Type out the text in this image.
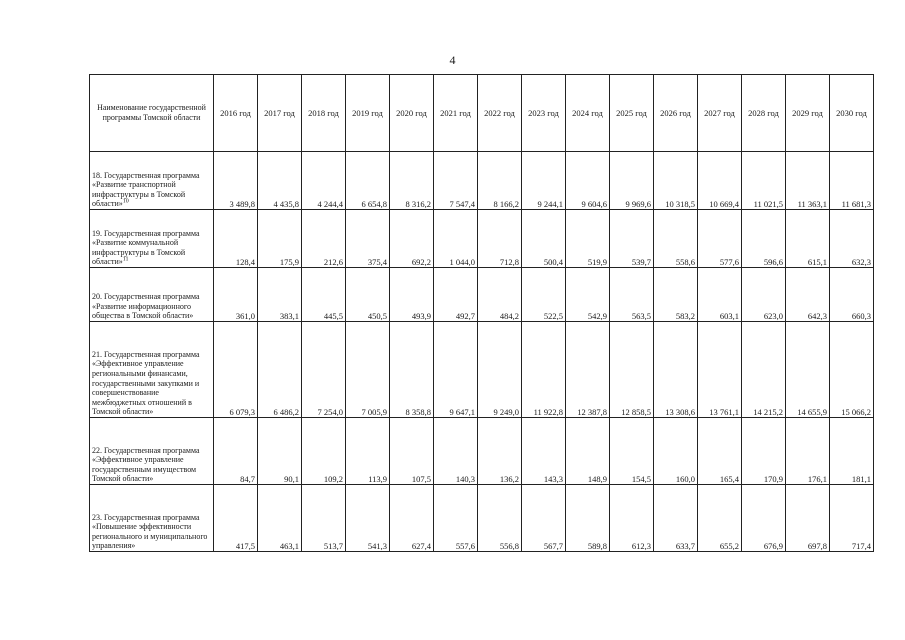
4
Наименование государственной программы Томской области	2016 год	2017 год	2018 год	2019 год	2020 год	2021 год	2022 год	2023 год	2024 год	2025 год	2026 год	2027 год	2028 год	2029 год	2030 год
18. Государственная программа «Развитие транспортной инфраструктуры в Томской области»$^{10}$	3 489,8	4 435,8	4 244,4	6 654,8	8 316,2	7 547,4	8 166,2	9 244,1	9 604,6	9 969,6	10 318,5	10 669,4	11 021,5	11 363,1	11 681,3
19. Государственная программа «Развитие коммунальной инфраструктуры в Томской области»$^{11}$	128,4	175,9	212,6	375,4	692,2	1 044,0	712,8	500,4	519,9	539,7	558,6	577,6	596,6	615,1	632,3
20. Государственная программа «Развитие информационного общества в Томской области»	361,0	383,1	445,5	450,5	493,9	492,7	484,2	522,5	542,9	563,5	583,2	603,1	623,0	642,3	660,3
21. Государственная программа «Эффективное управление региональными финансами, государственными закупками и совершенствование межбюджетных отношений в Томской области»	6 079,3	6 486,2	7 254,0	7 005,9	8 358,8	9 647,1	9 249,0	11 922,8	12 387,8	12 858,5	13 308,6	13 761,1	14 215,2	14 655,9	15 066,2
22. Государственная программа «Эффективное управление государственным имуществом Томской области»	84,7	90,1	109,2	113,9	107,5	140,3	136,2	143,3	148,9	154,5	160,0	165,4	170,9	176,1	181,1
23. Государственная программа «Повышение эффективности регионального и муниципального управления»	417,5	463,1	513,7	541,3	627,4	557,6	556,8	567,7	589,8	612,3	633,7	655,2	676,9	697,8	717,4
